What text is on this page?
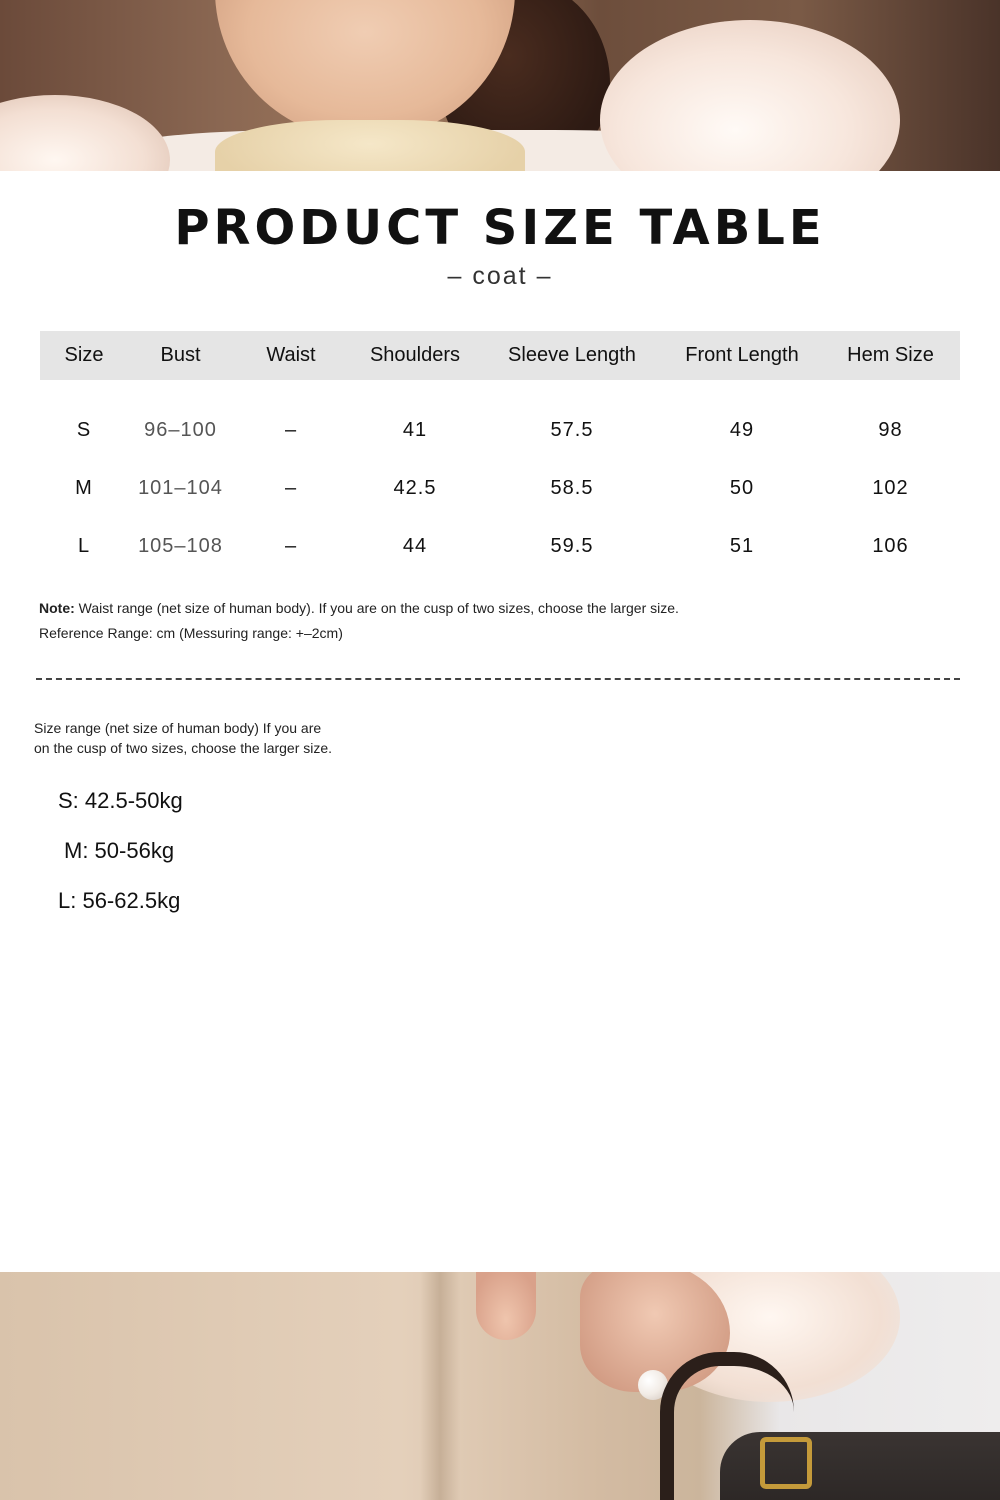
PRODUCT SIZE TABLE
– coat –
Size	Bust	Waist	Shoulders	Sleeve Length	Front Length	Hem Size
S	96–100	–	41	57.5	49	98
M	101–104	–	42.5	58.5	50	102
L	105–108	–	44	59.5	51	106
Note: Waist range (net size of human body). If you are on the cusp of two sizes, choose the larger size.
Reference Range: cm (Messuring range: +–2cm)
Size range (net size of human body) If you are
on the cusp of two sizes, choose the larger size.
S: 42.5-50kg
M: 50-56kg
L: 56-62.5kg
